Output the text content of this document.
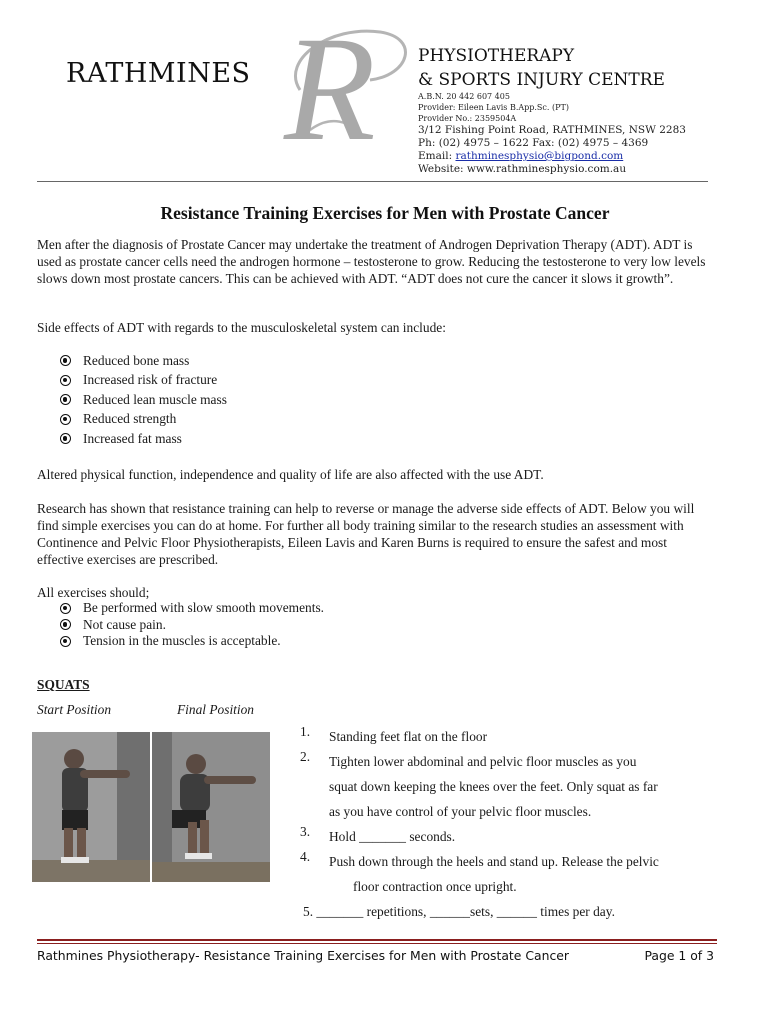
RATHMINES R PHYSIOTHERAPY
& SPORTS INJURY CENTRE
A.B.N. 20 442 607 405
Provider: Eileen Lavis B.App.Sc. (PT)
Provider No.: 2359504A
3/12 Fishing Point Road, RATHMINES, NSW 2283
Ph: (02) 4975 – 1622 Fax: (02) 4975 – 4369
Email: rathminesphysio@bigpond.com
Website: www.rathminesphysio.com.au
Resistance Training Exercises for Men with Prostate Cancer
Men after the diagnosis of Prostate Cancer may undertake the treatment of Androgen Deprivation Therapy (ADT). ADT is used as prostate cancer cells need the androgen hormone – testosterone to grow. Reducing the testosterone to very low levels slows down most prostate cancers. This can be achieved with ADT. “ADT does not cure the cancer it slows it growth”.
Side effects of ADT with regards to the musculoskeletal system can include:
Reduced bone mass
Increased risk of fracture
Reduced lean muscle mass
Reduced strength
Increased fat mass
Altered physical function, independence and quality of life are also affected with the use ADT.
Research has shown that resistance training can help to reverse or manage the adverse side effects of ADT. Below you will find simple exercises you can do at home. For further all body training similar to the research studies an assessment with Continence and Pelvic Floor Physiotherapists, Eileen Lavis and Karen Burns is required to ensure the safest and most effective exercises are prescribed.
All exercises should;
Be performed with slow smooth movements.
Not cause pain.
Tension in the muscles is acceptable.
SQUATS
Start Position	Final Position
1.	Standing feet flat on the floor
2.	Tighten lower abdominal and pelvic floor muscles as you
squat down keeping the knees over the feet. Only squat as far
as you have control of your pelvic floor muscles.
3.	Hold _______ seconds.
4.	Push down through the heels and stand up. Release the pelvic
floor contraction once upright.
5. _______ repetitions, ______sets, ______ times per day.
Rathmines Physiotherapy- Resistance Training Exercises for Men with Prostate Cancer	Page 1 of 3
